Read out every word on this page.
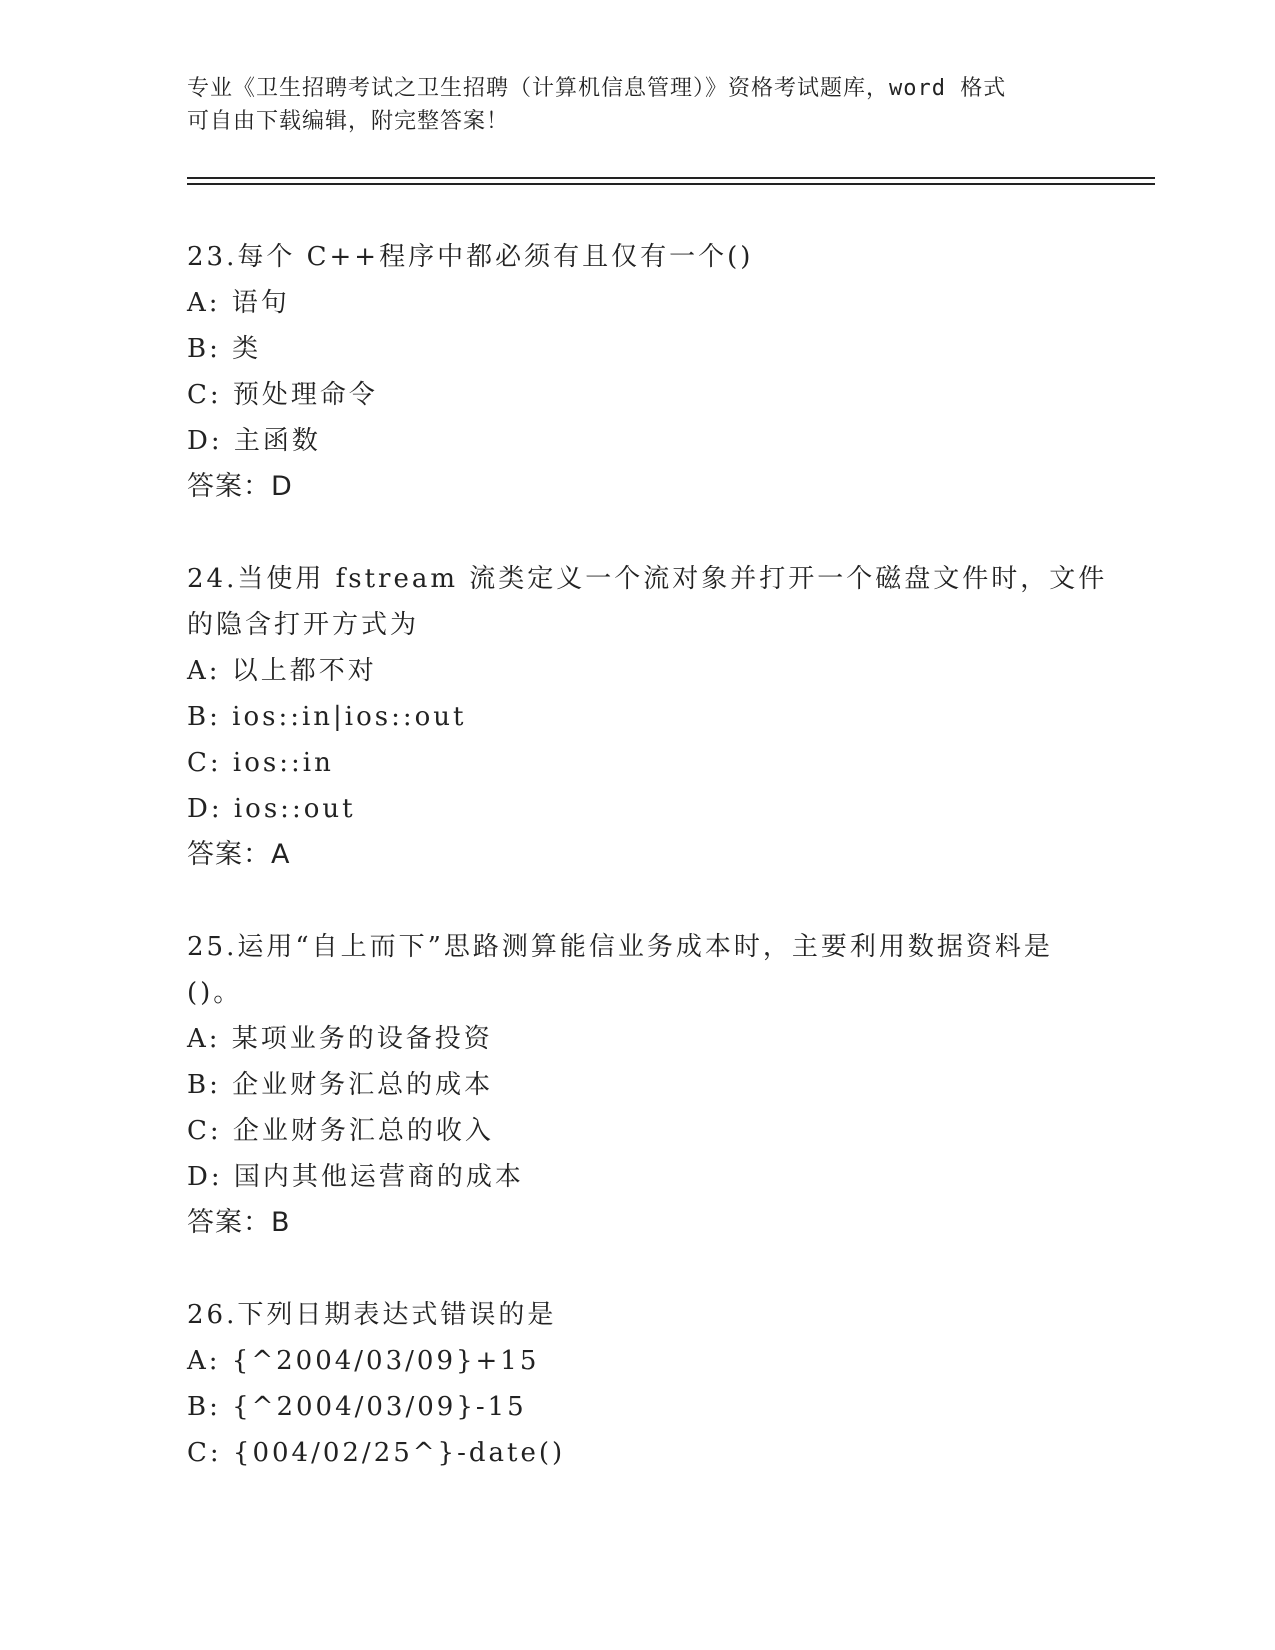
专业《卫生招聘考试之卫生招聘（计算机信息管理）》资格考试题库，word 格式
可自由下载编辑，附完整答案！
23.每个 C++程序中都必须有且仅有一个()
A: 语句
B: 类
C: 预处理命令
D: 主函数
答案：D
24.当使用 fstream 流类定义一个流对象并打开一个磁盘文件时，文件
的隐含打开方式为
A: 以上都不对
B: ios::in|ios::out
C: ios::in
D: ios::out
答案：A
25.运用“自上而下”思路测算能信业务成本时，主要利用数据资料是
()。
A: 某项业务的设备投资
B: 企业财务汇总的成本
C: 企业财务汇总的收入
D: 国内其他运营商的成本
答案：B
26.下列日期表达式错误的是
A: {^2004/03/09}+15
B: {^2004/03/09}-15
C: {004/02/25^}-date()
